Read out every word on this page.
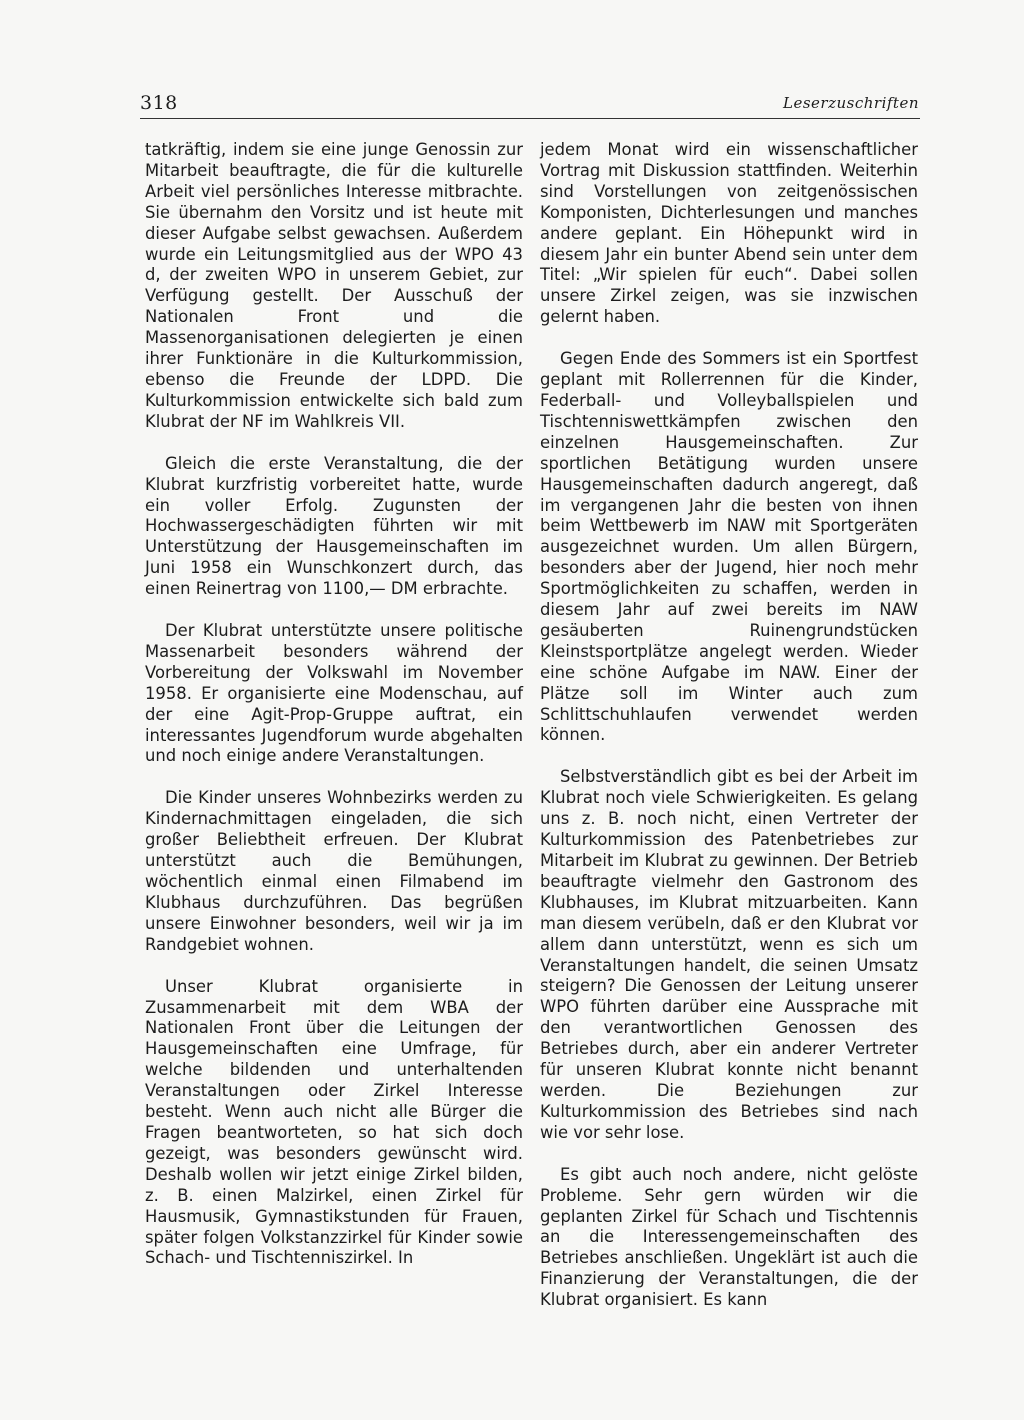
318	Leserzuschriften

tatkräftig, indem sie eine junge Genossin zur Mitarbeit beauftragte, die für die kulturelle Arbeit viel persönliches Interesse mitbrachte. Sie übernahm den Vorsitz und ist heute mit dieser Aufgabe selbst gewachsen. Außerdem wurde ein Leitungsmitglied aus der WPO 43 d, der zweiten WPO in unserem Gebiet, zur Verfügung gestellt. Der Ausschuß der Nationalen Front und die Massenorganisationen delegierten je einen ihrer Funktionäre in die Kulturkommission, ebenso die Freunde der LDPD. Die Kulturkommission entwickelte sich bald zum Klubrat der NF im Wahlkreis VII.

Gleich die erste Veranstaltung, die der Klubrat kurzfristig vorbereitet hatte, wurde ein voller Erfolg. Zugunsten der Hochwassergeschädigten führten wir mit Unterstützung der Hausgemeinschaften im Juni 1958 ein Wunschkonzert durch, das einen Reinertrag von 1100,— DM erbrachte.

Der Klubrat unterstützte unsere politische Massenarbeit besonders während der Vorbereitung der Volkswahl im November 1958. Er organisierte eine Modenschau, auf der eine Agit-Prop-Gruppe auftrat, ein interessantes Jugendforum wurde abgehalten und noch einige andere Veranstaltungen.

Die Kinder unseres Wohnbezirks werden zu Kindernachmittagen eingeladen, die sich großer Beliebtheit erfreuen. Der Klubrat unterstützt auch die Bemühungen, wöchentlich einmal einen Filmabend im Klubhaus durchzuführen. Das begrüßen unsere Einwohner besonders, weil wir ja im Randgebiet wohnen.

Unser Klubrat organisierte in Zusammenarbeit mit dem WBA der Nationalen Front über die Leitungen der Hausgemeinschaften eine Umfrage, für welche bildenden und unterhaltenden Veranstaltungen oder Zirkel Interesse besteht. Wenn auch nicht alle Bürger die Fragen beantworteten, so hat sich doch gezeigt, was besonders gewünscht wird. Deshalb wollen wir jetzt einige Zirkel bilden, z. B. einen Malzirkel, einen Zirkel für Hausmusik, Gymnastikstunden für Frauen, später folgen Volkstanzzirkel für Kinder sowie Schach- und Tischtenniszirkel. In

jedem Monat wird ein wissenschaftlicher Vortrag mit Diskussion stattfinden. Weiterhin sind Vorstellungen von zeitgenössischen Komponisten, Dichterlesungen und manches andere geplant. Ein Höhepunkt wird in diesem Jahr ein bunter Abend sein unter dem Titel: „Wir spielen für euch“. Dabei sollen unsere Zirkel zeigen, was sie inzwischen gelernt haben.

Gegen Ende des Sommers ist ein Sportfest geplant mit Rollerrennen für die Kinder, Federball- und Volleyballspielen und Tischtenniswettkämpfen zwischen den einzelnen Hausgemeinschaften. Zur sportlichen Betätigung wurden unsere Hausgemeinschaften dadurch angeregt, daß im vergangenen Jahr die besten von ihnen beim Wettbewerb im NAW mit Sportgeräten ausgezeichnet wurden. Um allen Bürgern, besonders aber der Jugend, hier noch mehr Sportmöglichkeiten zu schaffen, werden in diesem Jahr auf zwei bereits im NAW gesäuberten Ruinengrundstücken Kleinstsportplätze angelegt werden. Wieder eine schöne Aufgabe im NAW. Einer der Plätze soll im Winter auch zum Schlittschuhlaufen verwendet werden können.

Selbstverständlich gibt es bei der Arbeit im Klubrat noch viele Schwierigkeiten. Es gelang uns z. B. noch nicht, einen Vertreter der Kulturkommission des Patenbetriebes zur Mitarbeit im Klubrat zu gewinnen. Der Betrieb beauftragte vielmehr den Gastronom des Klubhauses, im Klubrat mitzuarbeiten. Kann man diesem verübeln, daß er den Klubrat vor allem dann unterstützt, wenn es sich um Veranstaltungen handelt, die seinen Umsatz steigern? Die Genossen der Leitung unserer WPO führten darüber eine Aussprache mit den verantwortlichen Genossen des Betriebes durch, aber ein anderer Vertreter für unseren Klubrat konnte nicht benannt werden. Die Beziehungen zur Kulturkommission des Betriebes sind nach wie vor sehr lose.

Es gibt auch noch andere, nicht gelöste Probleme. Sehr gern würden wir die geplanten Zirkel für Schach und Tischtennis an die Interessengemeinschaften des Betriebes anschließen. Ungeklärt ist auch die Finanzierung der Veranstaltungen, die der Klubrat organisiert. Es kann
